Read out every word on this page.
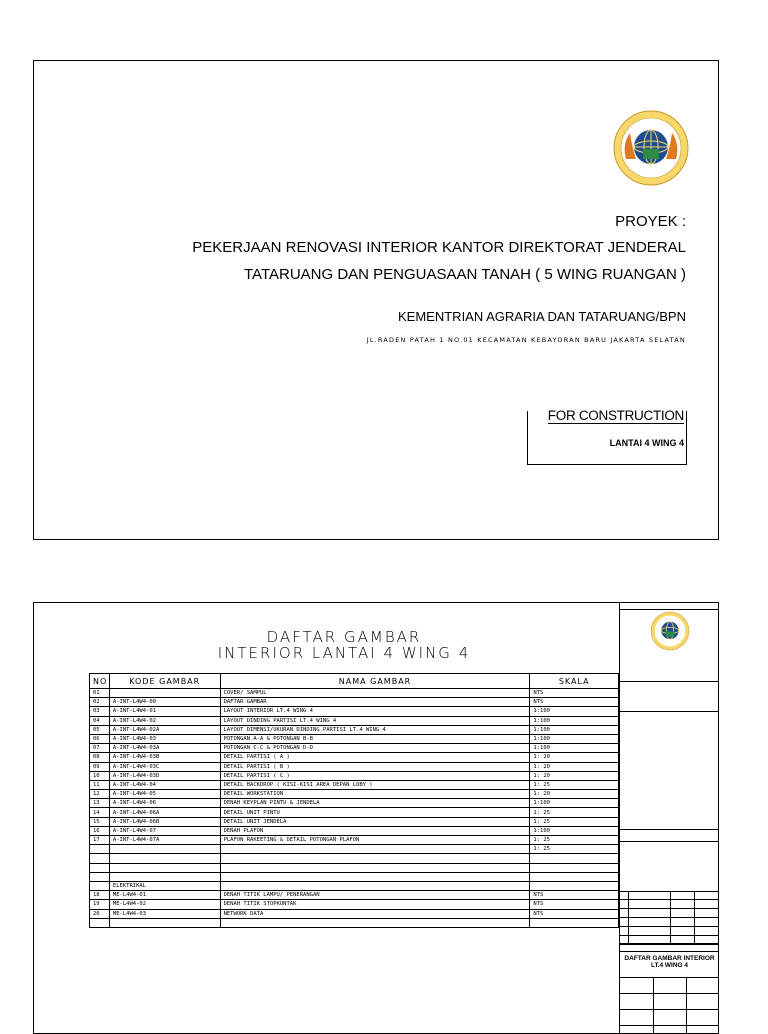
PROYEK :
PEKERJAAN RENOVASI INTERIOR KANTOR DIREKTORAT JENDERAL
TATARUANG DAN PENGUASAAN TANAH ( 5 WING RUANGAN )
KEMENTRIAN AGRARIA DAN TATARUANG/BPN
JL.RADEN PATAH 1 NO.01 KECAMATAN KEBAYORAN BARU JAKARTA SELATAN
FOR CONSTRUCTION
LANTAI 4 WING 4
DAFTAR GAMBAR
INTERIOR LANTAI 4 WING 4
NO	KODE GAMBAR	NAMA GAMBAR	SKALA
01		COVER/ SAMPUL	NTS
02	A-INT-L4W4-00	DAFTAR GAMBAR	NTS
03	A-INT-L4W4-01	LAYOUT INTERIOR LT.4 WING 4	1:100
04	A-INT-L4W4-02	LAYOUT DINDING PARTISI LT.4 WING 4	1:100
05	A-INT-L4W4-02A	LAYOUT DIMENSI/UKURAN DINDING PARTISI LT.4 WING 4	1:100
06	A-INT-L4W4-03	POTONGAN A-A & POTONGAN B-B	1:100
07	A-INT-L4W4-03A	POTONGAN C-C & POTONGAN D-D	1:100
08	A-INT-L4W4-03B	DETAIL PARTISI ( A )	1: 20
09	A-INT-L4W4-03C	DETAIL PARTISI ( B )	1: 20
10	A-INT-L4W4-03D	DETAIL PARTISI ( C )	1: 20
11	A-INT-L4W4-04	DETAIL BACKDROP ( KISI-KISI AREA DEPAN LOBY )	1: 25
12	A-INT-L4W4-05	DETAIL WORKSTATION	1: 20
13	A-INT-L4W4-06	DENAH KEYPLAN PINTU & JENDELA	1:100
14	A-INT-L4W4-06A	DETAIL UNIT PINTU	1: 25
15	A-INT-L4W4-06B	DETAIL UNIT JENDELA	1: 25
16	A-INT-L4W4-07	DENAH PLAFON	1:100
17	A-INT-L4W4-07A	PLAFON RAKEETING & DETAIL POTONGAN PLAFON	1: 25
			1: 25

	ELEKTRIKAL		
18	ME-L4W4-01	DENAH TITIK LAMPU/ PENERANGAN	NTS
19	ME-L4W4-02	DENAH TITIK STOPKONTAK	NTS
20	ME-L4W4-03	NETWORK DATA	NTS

DAFTAR GAMBAR INTERIOR LT.4 WING 4
